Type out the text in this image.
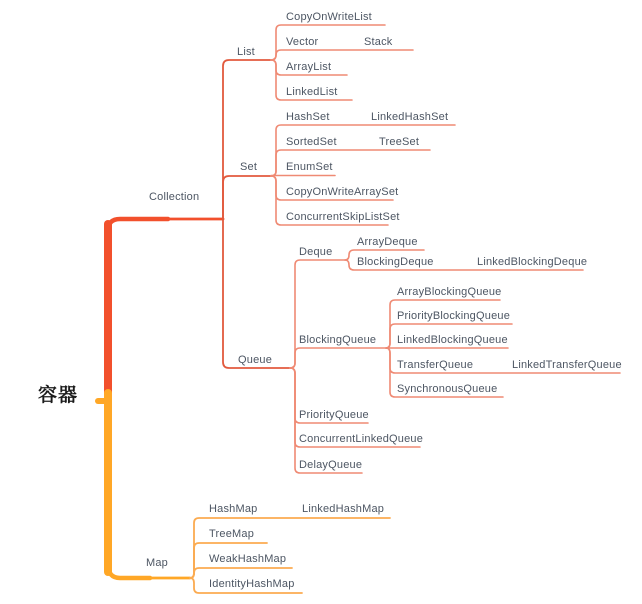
容器
Collection
Map
List
Set
Queue
CopyOnWriteList
Vector	Stack
ArrayList
LinkedList
HashSet	LinkedHashSet
SortedSet	TreeSet
EnumSet
CopyOnWriteArraySet
ConcurrentSkipListSet
Deque
ArrayDeque
BlockingDeque	LinkedBlockingDeque
BlockingQueue
ArrayBlockingQueue
PriorityBlockingQueue
LinkedBlockingQueue
TransferQueue	LinkedTransferQueue
SynchronousQueue
PriorityQueue
ConcurrentLinkedQueue
DelayQueue
HashMap	LinkedHashMap
TreeMap
WeakHashMap
IdentityHashMap
